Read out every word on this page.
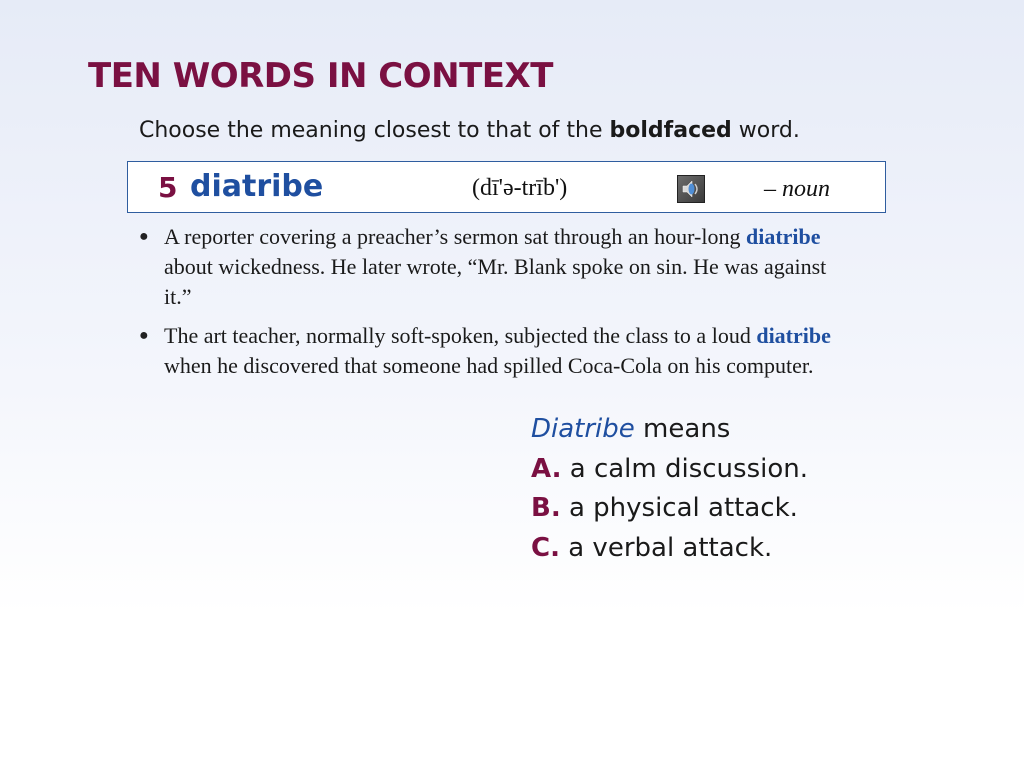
TEN WORDS IN CONTEXT
Choose the meaning closest to that of the boldfaced word.
5 diatribe	(dī'ə-trīb')	– noun
● A reporter covering a preacher’s sermon sat through an hour-long diatribe about wickedness. He later wrote, “Mr. Blank spoke on sin. He was against it.”
● The art teacher, normally soft-spoken, subjected the class to a loud diatribe when he discovered that someone had spilled Coca-Cola on his computer.
Diatribe means
A. a calm discussion.
B. a physical attack.
C. a verbal attack.
